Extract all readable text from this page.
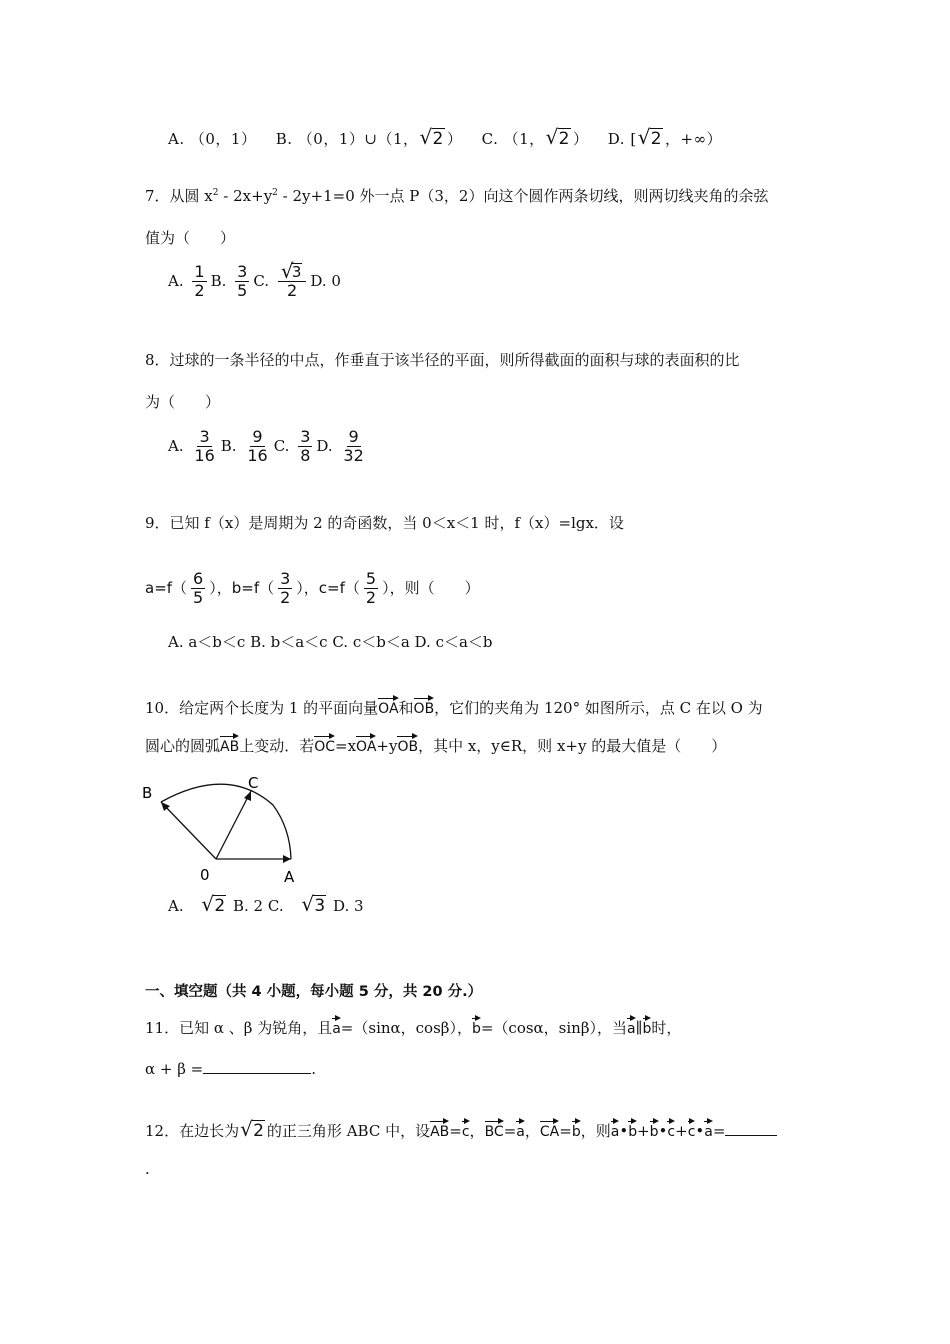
A. （0，1） B. （0，1）∪（1， √ 2 ） C. （1， √ 2 ） D. [ √ 2 ，+∞）
7．从圆 $x^2 - 2x+y^2 - 2y+1=0$ 外一点 P（3，2）向这个圆作两条切线，则两切线夹角的余弦
值为（　　）
A. $\frac{1}{2} B$. $\frac{3}{5} C$. √ $\frac{3}{2} D$. 0
8．过球的一条半径的中点，作垂直于该半径的平面，则所得截面的面积与球的表面积的比
为（　　）
A. $\frac{3}{16} B$. $\frac{9}{16} C$. $\frac{3}{8} D$. $\frac{9}{32}$
9．已知 f（x）是周期为 2 的奇函数，当 0＜x＜1 时，f（x）=lgx．设
$a=f( \frac{6}{5}$ ），$b=f( \frac{3}{2}$ ），$c=f( \frac{5}{2}$ ），则（　　）
A. a＜b＜c B. b＜a＜c C. c＜b＜a D. c＜a＜b
10．给定两个长度为 1 的平面向量OA和OB，它们的夹角为 120° 如图所示，点 C 在以 O 为
圆心的圆弧AB上变动．若OC=xOA+yOB，其中 x，y∈R，则 x+y 的最大值是（　　）
B
C
0	A
A. √ 2 B. 2 C. √ 3 D. 3
一、填空题（共 4 小题，每小题 5 分，共 20 分.）
11．已知 α 、β 为锐角，且a=（sinα，cosβ），b=（cosα，sinβ），当a∥b时，
α + β =	.
12．在边长为 √ 2 的正三角形 ABC 中，设AB=c，BC=a，CA=b，则a•b+b•c+c•a=
.
